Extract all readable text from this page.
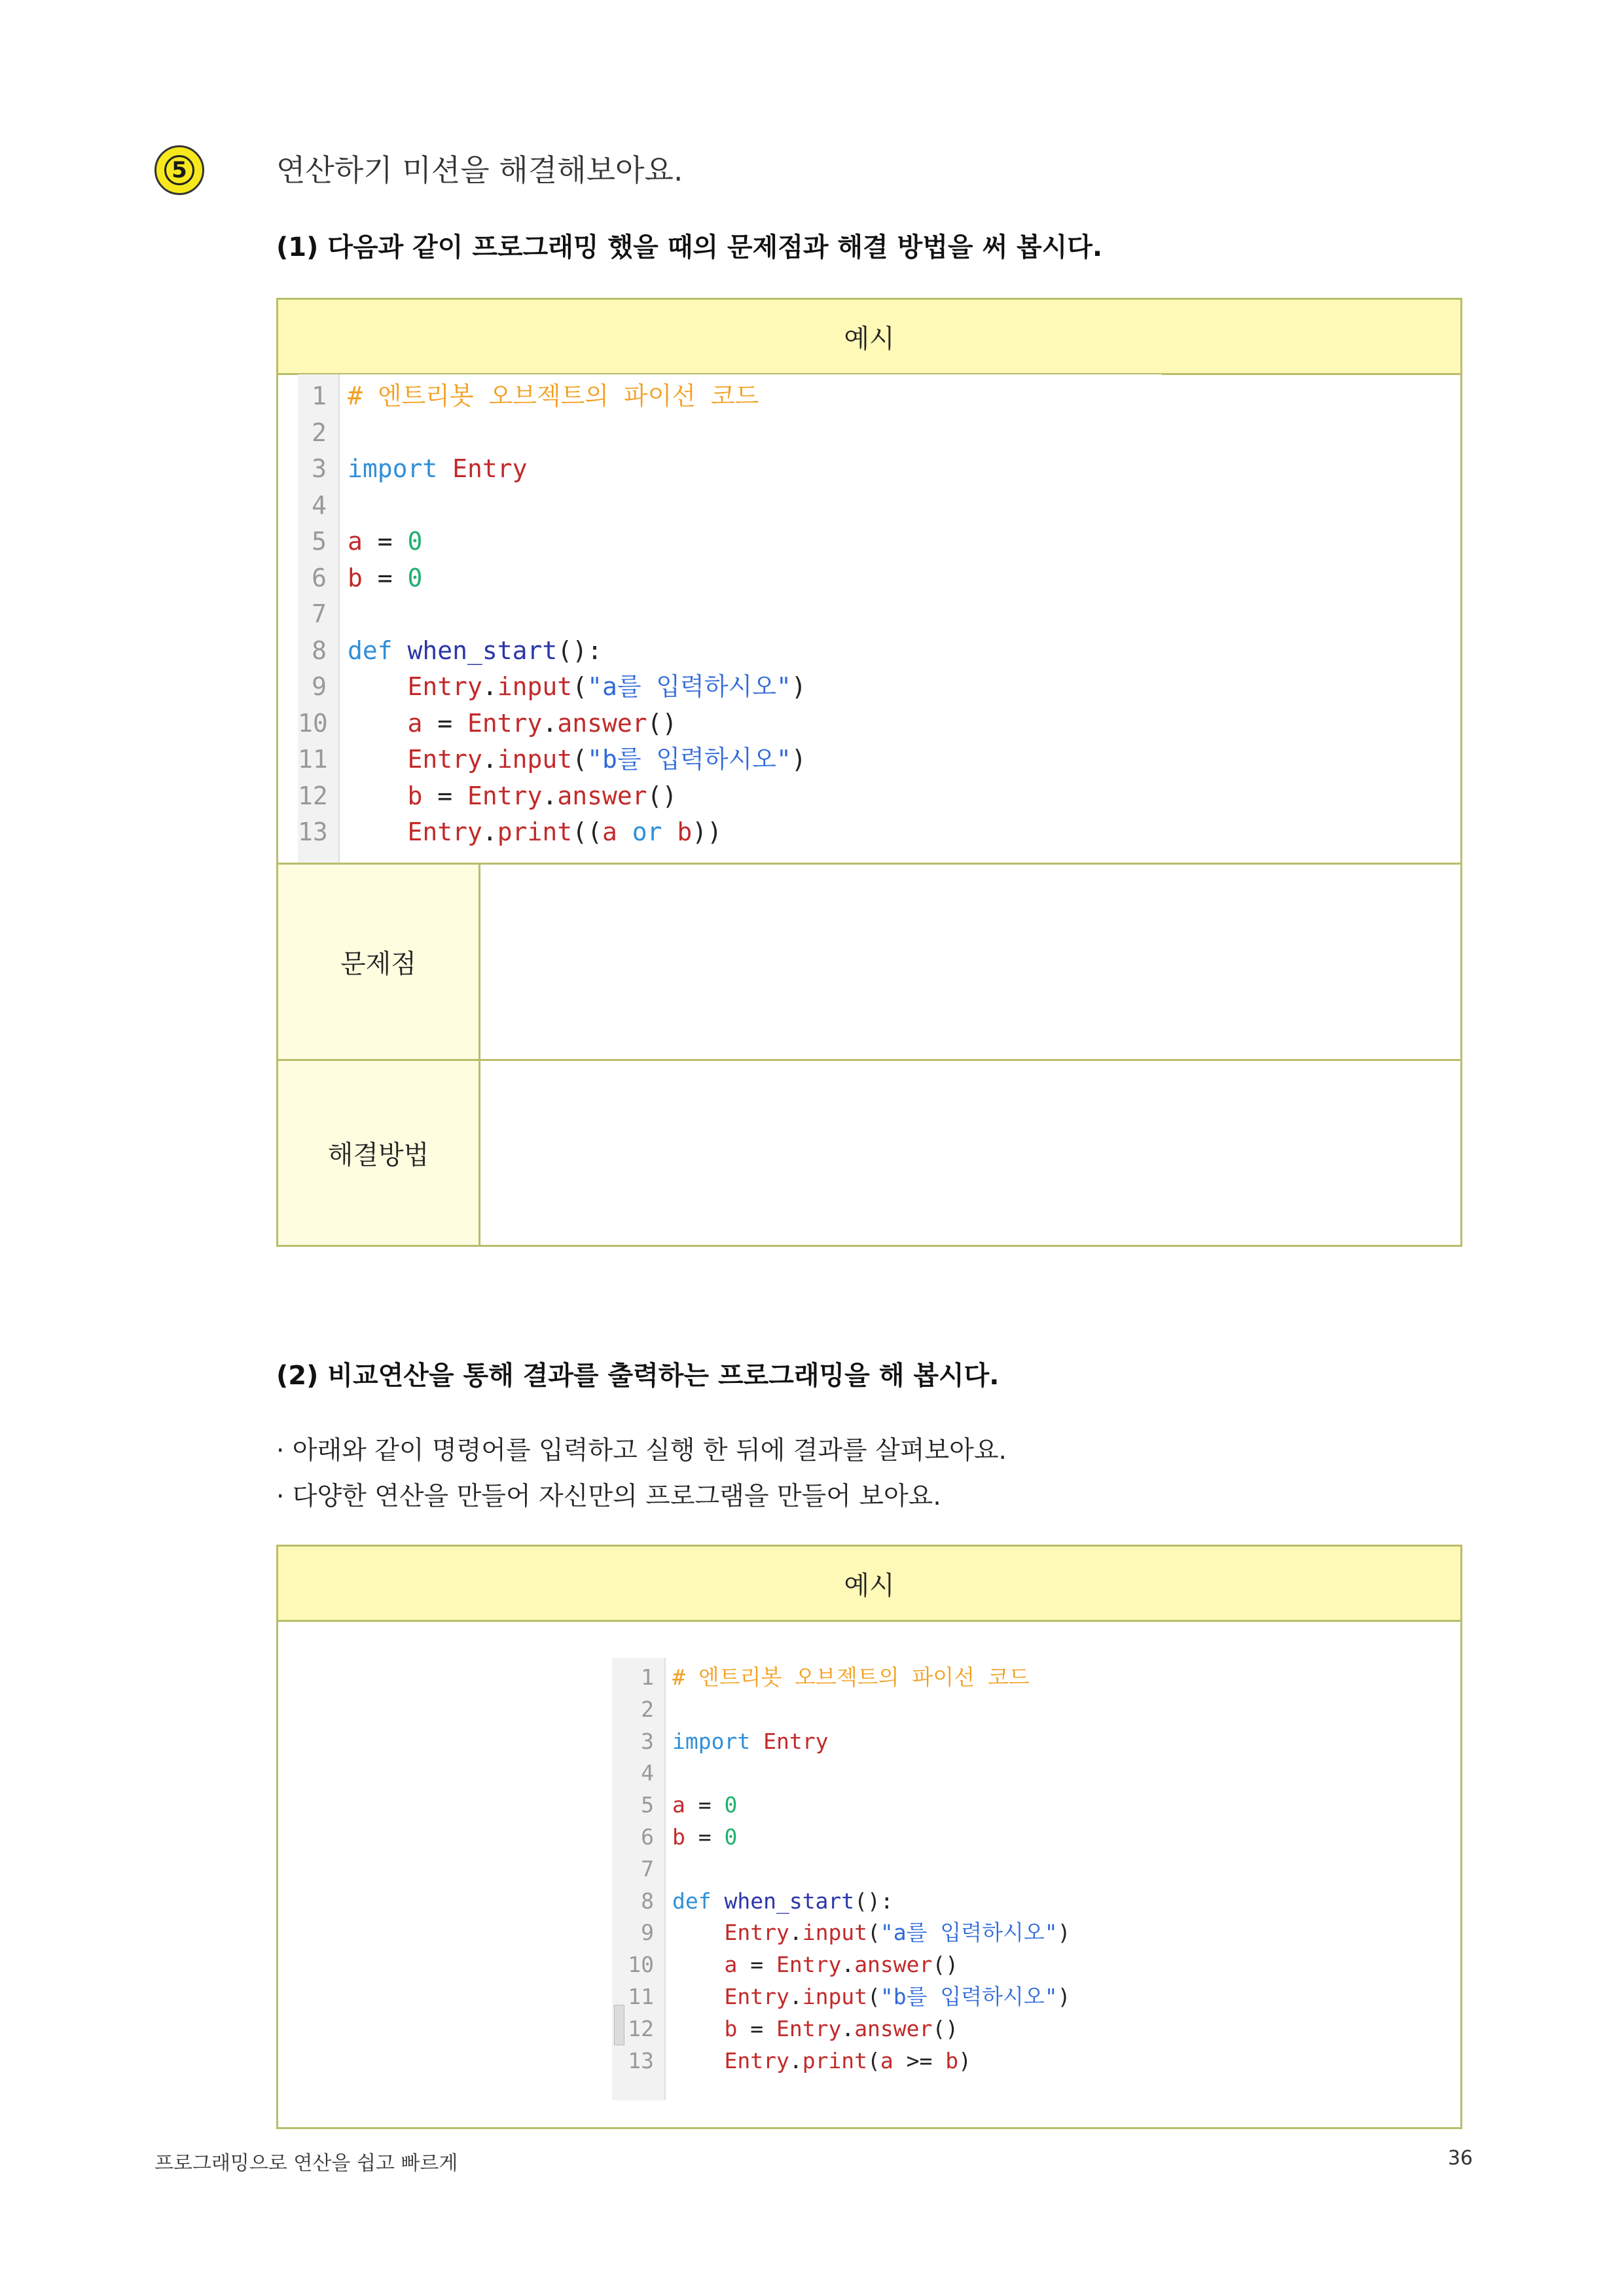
5	연산하기 미션을 해결해보아요.
(1) 다음과 같이 프로그래밍 했을 때의 문제점과 해결 방법을 써 봅시다.
예시
1 # 엔트리봇 오브젝트의 파이선 코드
2
3 import Entry
4
5 a = 0
6 b = 0
7
8 def when_start():
9	Entry.input("a를 입력하시오")
10	a = Entry.answer()
11	Entry.input("b를 입력하시오")
12	b = Entry.answer()
13	Entry.print((a or b))
문제점
해결방법
(2) 비교연산을 통해 결과를 출력하는 프로그래밍을 해 봅시다.
· 아래와 같이 명령어를 입력하고 실행 한 뒤에 결과를 살펴보아요.
· 다양한 연산을 만들어 자신만의 프로그램을 만들어 보아요.
예시
1 # 엔트리봇 오브젝트의 파이선 코드
2
3 import Entry
4
5 a = 0
6 b = 0
7
8 def when_start():
9	Entry.input("a를 입력하시오")
10	a = Entry.answer()
11	Entry.input("b를 입력하시오")
12	b = Entry.answer()
13	Entry.print(a >= b)
프로그래밍으로 연산을 쉽고 빠르게	36
